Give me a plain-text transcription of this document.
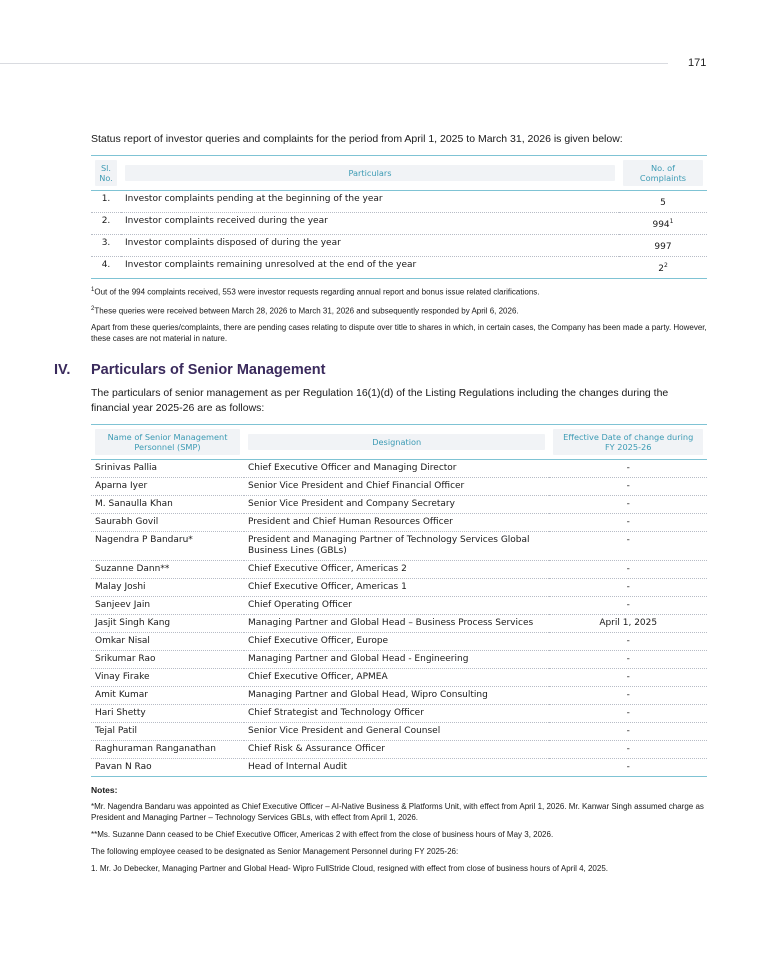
171

Status report of investor queries and complaints for the period from April 1, 2025 to March 31, 2026 is given below:

Sl. No.	Particulars	No. of Complaints

1.	Investor complaints pending at the beginning of the year	5
2.	Investor complaints received during the year	$994^1$
3.	Investor complaints disposed of during the year	997
4.	Investor complaints remaining unresolved at the end of the year	$2^2$

$^1$Out of the 994 complaints received, 553 were investor requests regarding annual report and bonus issue related clarifications.

$^2$These queries were received between March 28, 2026 to March 31, 2026 and subsequently responded by April 6, 2026.

Apart from these queries/complaints, there are pending cases relating to dispute over title to shares in which, in certain cases, the Company has been made a party. However, these cases are not material in nature.

IV. Particulars of Senior Management

The particulars of senior management as per Regulation 16(1)(d) of the Listing Regulations including the changes during the financial year 2025-26 are as follows:

Name of Senior Management Personnel (SMP)	Designation	Effective Date of change during FY 2025-26

Srinivas Pallia	Chief Executive Officer and Managing Director	-
Aparna Iyer	Senior Vice President and Chief Financial Officer	-
M. Sanaulla Khan	Senior Vice President and Company Secretary	-
Saurabh Govil	President and Chief Human Resources Officer	-
Nagendra P Bandaru*	President and Managing Partner of Technology Services Global Business Lines (GBLs)	-
Suzanne Dann**	Chief Executive Officer, Americas 2	-
Malay Joshi	Chief Executive Officer, Americas 1	-
Sanjeev Jain	Chief Operating Officer	-
Jasjit Singh Kang	Managing Partner and Global Head – Business Process Services	April 1, 2025
Omkar Nisal	Chief Executive Officer, Europe	-
Srikumar Rao	Managing Partner and Global Head - Engineering	-
Vinay Firake	Chief Executive Officer, APMEA	-
Amit Kumar	Managing Partner and Global Head, Wipro Consulting	-
Hari Shetty	Chief Strategist and Technology Officer	-
Tejal Patil	Senior Vice President and General Counsel	-
Raghuraman Ranganathan	Chief Risk & Assurance Officer	-
Pavan N Rao	Head of Internal Audit	-
Notes:

*Mr. Nagendra Bandaru was appointed as Chief Executive Officer – AI-Native Business & Platforms Unit, with effect from April 1, 2026. Mr. Kanwar Singh assumed charge as President and Managing Partner – Technology Services GBLs, with effect from April 1, 2026.

**Ms. Suzanne Dann ceased to be Chief Executive Officer, Americas 2 with effect from the close of business hours of May 3, 2026.

The following employee ceased to be designated as Senior Management Personnel during FY 2025-26:

1. Mr. Jo Debecker, Managing Partner and Global Head- Wipro FullStride Cloud, resigned with effect from close of business hours of April 4, 2025.
